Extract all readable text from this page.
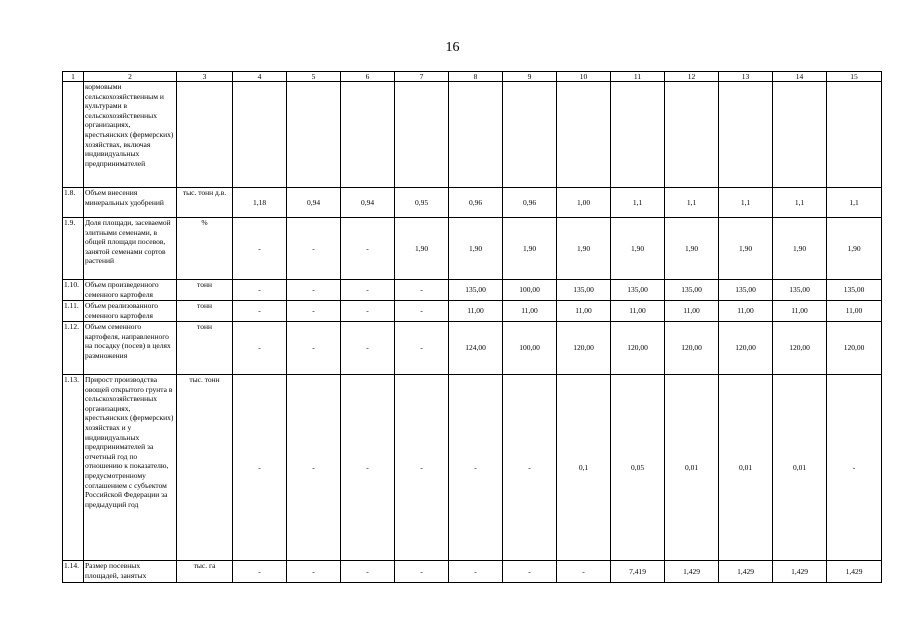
16
1	2	3	4	5	6	7	8	9	10	11	12	13	14	15
	кормовыми сельскохозяйственным и культурами в сельскохозяйственных организациях, крестьянских (фермерских) хозяйствах, включая индивидуальных предпринимателей													
1.8.	Объем внесения минеральных удобрений	тыс. тонн д.в.	1,18	0,94	0,94	0,95	0,96	0,96	1,00	1,1	1,1	1,1	1,1	1,1
1.9.	Доля площади, засеваемой элитными семенами, в общей площади посевов, занятой семенами сортов растений	%	-	-	-	1,90	1,90	1,90	1,90	1,90	1,90	1,90	1,90	1,90
1.10.	Объем произведенного семенного картофеля	тонн	-	-	-	-	135,00	100,00	135,00	135,00	135,00	135,00	135,00	135,00
1.11.	Объем реализованного семенного картофеля	тонн	-	-	-	-	11,00	11,00	11,00	11,00	11,00	11,00	11,00	11,00
1.12.	Объем семенного картофеля, направленного на посадку (посев) в целях размножения	тонн	-	-	-	-	124,00	100,00	120,00	120,00	120,00	120,00	120,00	120,00
1.13.	Прирост производства овощей открытого грунта в сельскохозяйственных организациях, крестьянских (фермерских) хозяйствах и у индивидуальных предпринимателей за отчетный год по отношению к показателю, предусмотренному соглашением с субъектом Российской Федерации за предыдущий год	тыс. тонн	-	-	-	-	-	-	0,1	0,05	0,01	0,01	0,01	-
1.14.	Размер посевных площадей, занятых	тыс. га	-	-	-	-	-	-	-	7,419	1,429	1,429	1,429	1,429
